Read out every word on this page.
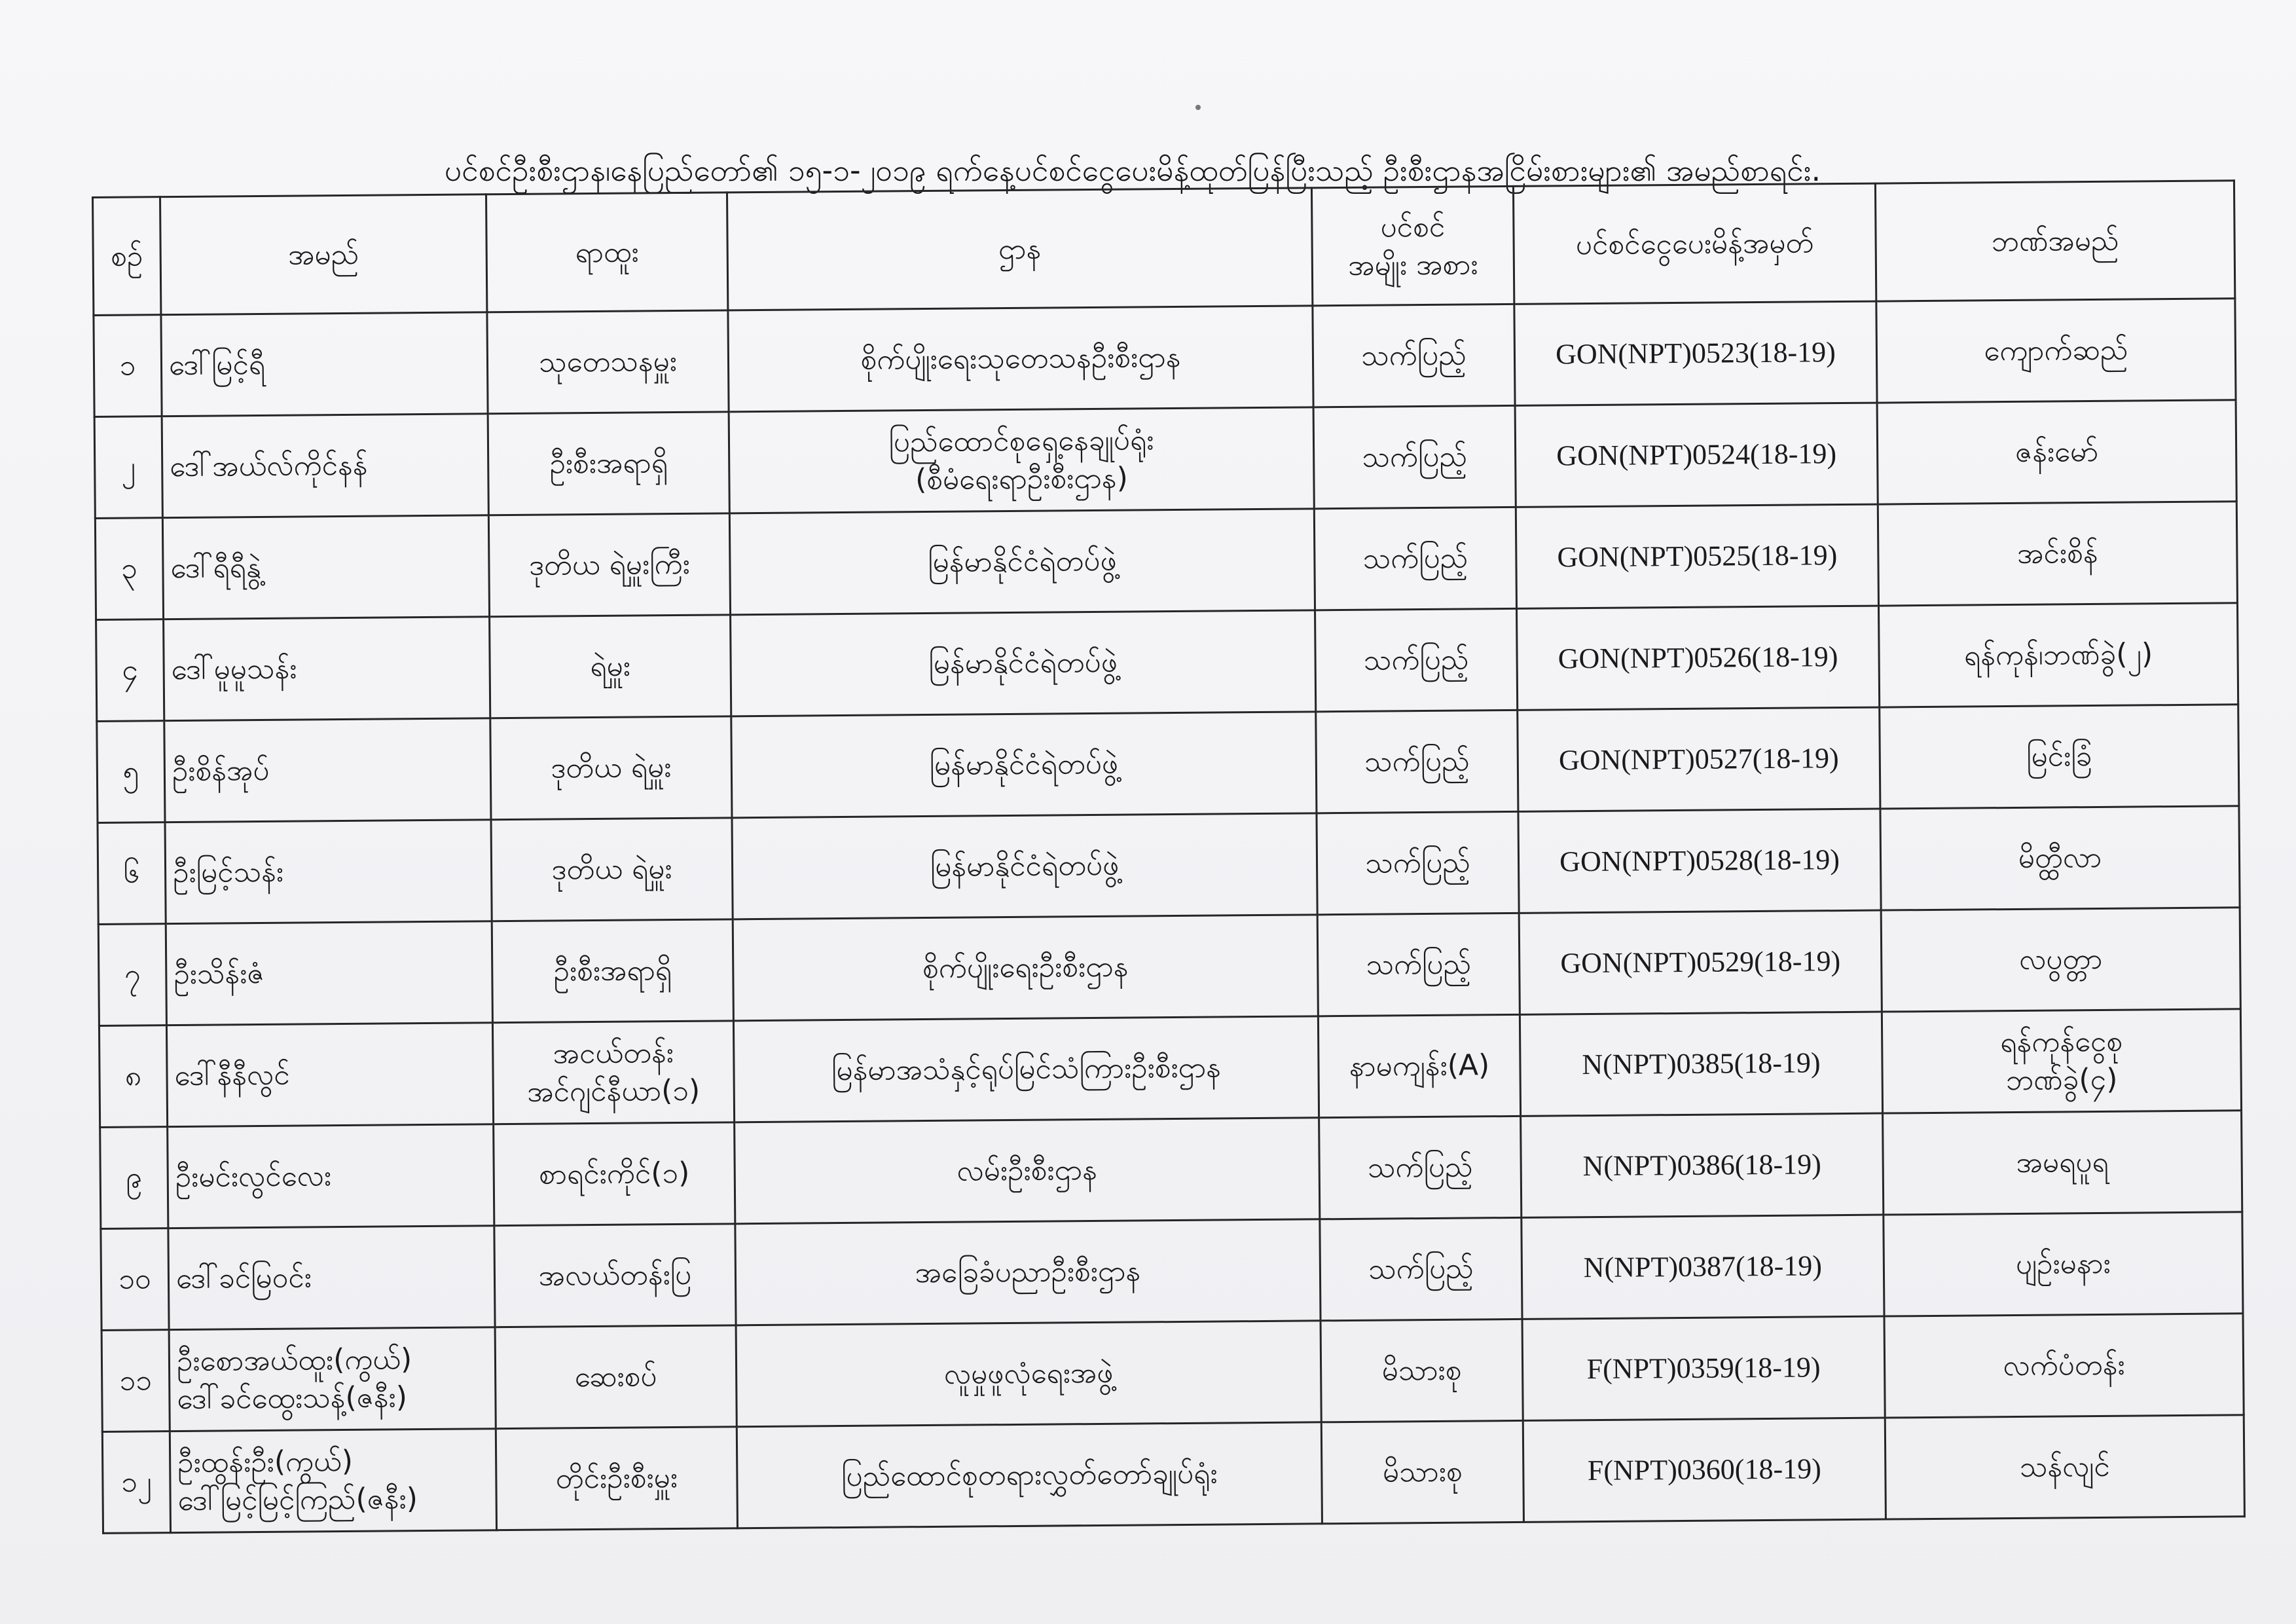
ပင်စင်ဦးစီးဌာန၊နေပြည်တော်၏ ၁၅-၁-၂၀၁၉ ရက်နေ့ပင်စင်ငွေပေးမိန့်ထုတ်ပြန်ပြီးသည့် ဦးစီးဌာနအငြိမ်းစားများ၏ အမည်စာရင်း.
စဉ်	အမည်	ရာထူး	ဌာန	ပင်စင်
အမျိုး အစား	ပင်စင်ငွေပေးမိန့်အမှတ်	ဘဏ်အမည်

၁	ဒေါ်မြင့်ရီ	သုတေသနမှူး	စိုက်ပျိုးရေးသုတေသနဦးစီးဌာန	သက်ပြည့်	GON(NPT)0523(18-19)	ကျောက်ဆည်

၂	ဒေါ်အယ်လ်ကိုင်နန်	ဦးစီးအရာရှိ	ပြည်ထောင်စုရှေ့နေချုပ်ရုံး
(စီမံရေးရာဦးစီးဌာန)	သက်ပြည့်	GON(NPT)0524(18-19)	ဇန်းမော်

၃	ဒေါ်ရီရီနွဲ့	ဒုတိယ ရဲမှူးကြီး	မြန်မာနိုင်ငံရဲတပ်ဖွဲ့	သက်ပြည့်	GON(NPT)0525(18-19)	အင်းစိန်

၄	ဒေါ်မူမူသန်း	ရဲမှူး	မြန်မာနိုင်ငံရဲတပ်ဖွဲ့	သက်ပြည့်	GON(NPT)0526(18-19)	ရန်ကုန်၊ဘဏ်ခွဲ(၂)

၅	ဦးစိန်အုပ်	ဒုတိယ ရဲမှူး	မြန်မာနိုင်ငံရဲတပ်ဖွဲ့	သက်ပြည့်	GON(NPT)0527(18-19)	မြင်းခြံ

၆	ဦးမြင့်သန်း	ဒုတိယ ရဲမှူး	မြန်မာနိုင်ငံရဲတပ်ဖွဲ့	သက်ပြည့်	GON(NPT)0528(18-19)	မိတ္ထီလာ

၇	ဦးသိန်းဇံ	ဦးစီးအရာရှိ	စိုက်ပျိုးရေးဦးစီးဌာန	သက်ပြည့်	GON(NPT)0529(18-19)	လပွတ္တာ

၈	ဒေါ်နီနီလွင်	အငယ်တန်း
အင်ဂျင်နီယာ(၁)	မြန်မာအသံနှင့်ရုပ်မြင်သံကြားဦးစီးဌာန	နာမကျန်း(A)	N(NPT)0385(18-19)	ရန်ကုန်ငွေစု
ဘဏ်ခွဲ(၄)

၉	ဦးမင်းလွင်လေး	စာရင်းကိုင်(၁)	လမ်းဦးစီးဌာန	သက်ပြည့်	N(NPT)0386(18-19)	အမရပူရ

၁၀	ဒေါ်ခင်မြဝင်း	အလယ်တန်းပြ	အခြေခံပညာဦးစီးဌာန	သက်ပြည့်	N(NPT)0387(18-19)	ပျဉ်းမနား

၁၁	ဦးစောအယ်ထူး(ကွယ်)
ဒေါ်ခင်ထွေးသန့်(ဇနီး)	ဆေးစပ်	လူမှုဖူလုံရေးအဖွဲ့	မိသားစု	F(NPT)0359(18-19)	လက်ပံတန်း

၁၂	ဦးထွန်းဦး(ကွယ်)
ဒေါ်မြင့်မြင့်ကြည်(ဇနီး)	တိုင်းဦးစီးမှူး	ပြည်ထောင်စုတရားလွှတ်တော်ချုပ်ရုံး	မိသားစု	F(NPT)0360(18-19)	သန်လျင်
